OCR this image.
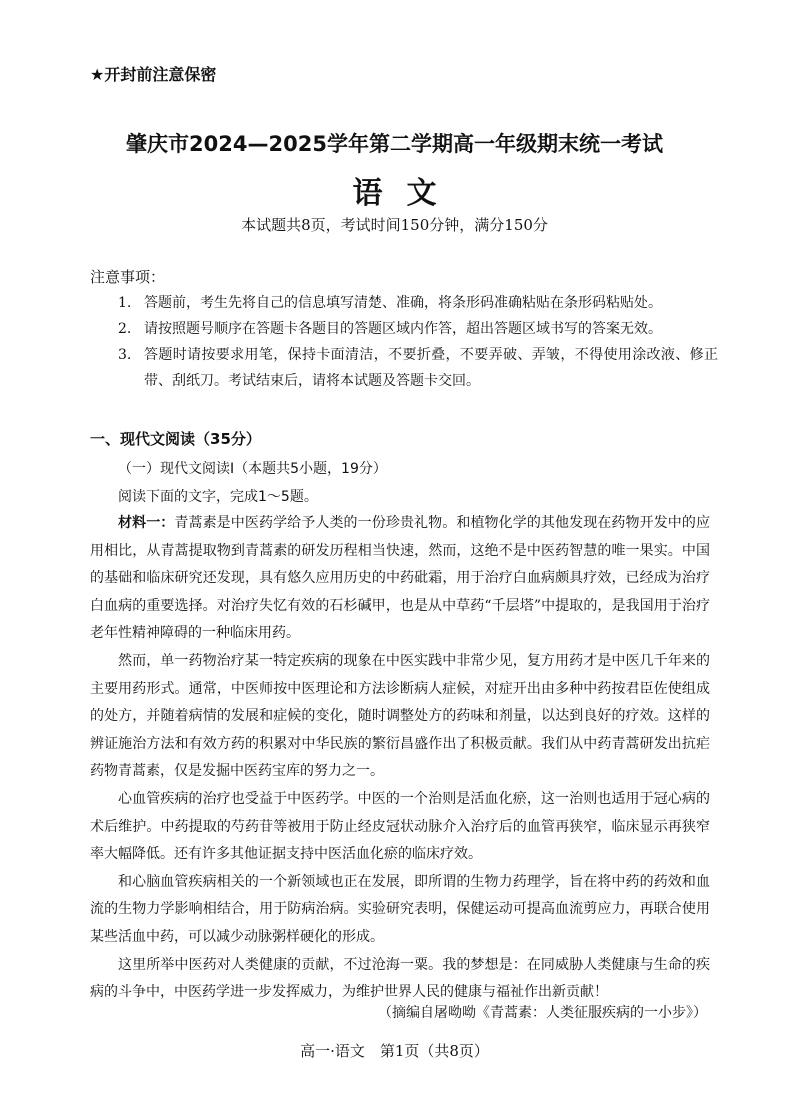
★开封前注意保密
肇庆市2024—2025学年第二学期高一年级期末统一考试
语文
本试题共8页，考试时间150分钟，满分150分
注意事项：
1. 答题前，考生先将自己的信息填写清楚、准确，将条形码准确粘贴在条形码粘贴处。
2. 请按照题号顺序在答题卡各题目的答题区域内作答，超出答题区域书写的答案无效。
3. 答题时请按要求用笔，保持卡面清洁，不要折叠，不要弄破、弄皱，不得使用涂改液、修正带、刮纸刀。考试结束后，请将本试题及答题卡交回。
一、现代文阅读（35分）
（一）现代文阅读Ⅰ（本题共5小题，19分）
阅读下面的文字，完成1～5题。

材料一：青蒿素是中医药学给予人类的一份珍贵礼物。和植物化学的其他发现在药物开发中的应用相比，从青蒿提取物到青蒿素的研发历程相当快速，然而，这绝不是中医药智慧的唯一果实。中国的基础和临床研究还发现，具有悠久应用历史的中药砒霜，用于治疗白血病颇具疗效，已经成为治疗白血病的重要选择。对治疗失忆有效的石杉碱甲，也是从中草药“千层塔”中提取的，是我国用于治疗老年性精神障碍的一种临床用药。

然而，单一药物治疗某一特定疾病的现象在中医实践中非常少见，复方用药才是中医几千年来的主要用药形式。通常，中医师按中医理论和方法诊断病人症候，对症开出由多种中药按君臣佐使组成的处方，并随着病情的发展和症候的变化，随时调整处方的药味和剂量，以达到良好的疗效。这样的辨证施治方法和有效方药的积累对中华民族的繁衍昌盛作出了积极贡献。我们从中药青蒿研发出抗疟药物青蒿素，仅是发掘中医药宝库的努力之一。

心血管疾病的治疗也受益于中医药学。中医的一个治则是活血化瘀，这一治则也适用于冠心病的术后维护。中药提取的芍药苷等被用于防止经皮冠状动脉介入治疗后的血管再狭窄，临床显示再狭窄率大幅降低。还有许多其他证据支持中医活血化瘀的临床疗效。

和心脑血管疾病相关的一个新领域也正在发展，即所谓的生物力药理学，旨在将中药的药效和血流的生物力学影响相结合，用于防病治病。实验研究表明，保健运动可提高血流剪应力，再联合使用某些活血中药，可以减少动脉粥样硬化的形成。

这里所举中医药对人类健康的贡献，不过沧海一粟。我的梦想是：在同威胁人类健康与生命的疾病的斗争中，中医药学进一步发挥威力，为维护世界人民的健康与福祉作出新贡献！

（摘编自屠呦呦《青蒿素：人类征服疾病的一小步》）
高一·语文　第1页（共8页）
